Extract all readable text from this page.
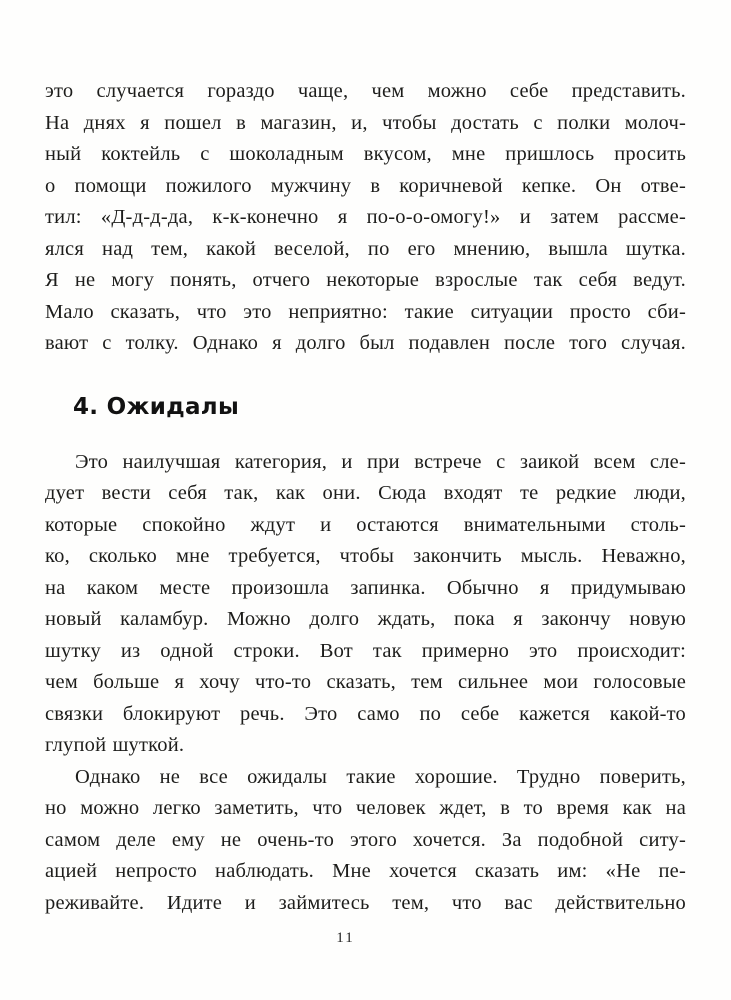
это случается гораздо чаще, чем можно себе представить.
На днях я пошел в магазин, и, чтобы достать с полки молоч-
ный коктейль с шоколадным вкусом, мне пришлось просить
о помощи пожилого мужчину в коричневой кепке. Он отве-
тил: «Д-д-д-да, к-к-конечно я по-о-о-омогу!» и затем рассме-
ялся над тем, какой веселой, по его мнению, вышла шутка.
Я не могу понять, отчего некоторые взрослые так себя ведут.
Мало сказать, что это неприятно: такие ситуации просто сби-
вают с толку. Однако я долго был подавлен после того случая.
4. Ожидалы
Это наилучшая категория, и при встрече с заикой всем сле-
дует вести себя так, как они. Сюда входят те редкие люди,
которые спокойно ждут и остаются внимательными столь-
ко, сколько мне требуется, чтобы закончить мысль. Неважно,
на каком месте произошла запинка. Обычно я придумываю
новый каламбур. Можно долго ждать, пока я закончу новую
шутку из одной строки. Вот так примерно это происходит:
чем больше я хочу что-то сказать, тем сильнее мои голосовые
связки блокируют речь. Это само по себе кажется какой-то
глупой шуткой.
Однако не все ожидалы такие хорошие. Трудно поверить,
но можно легко заметить, что человек ждет, в то время как на
самом деле ему не очень-то этого хочется. За подобной ситу-
ацией непросто наблюдать. Мне хочется сказать им: «Не пе-
реживайте. Идите и займитесь тем, что вас действительно
11
